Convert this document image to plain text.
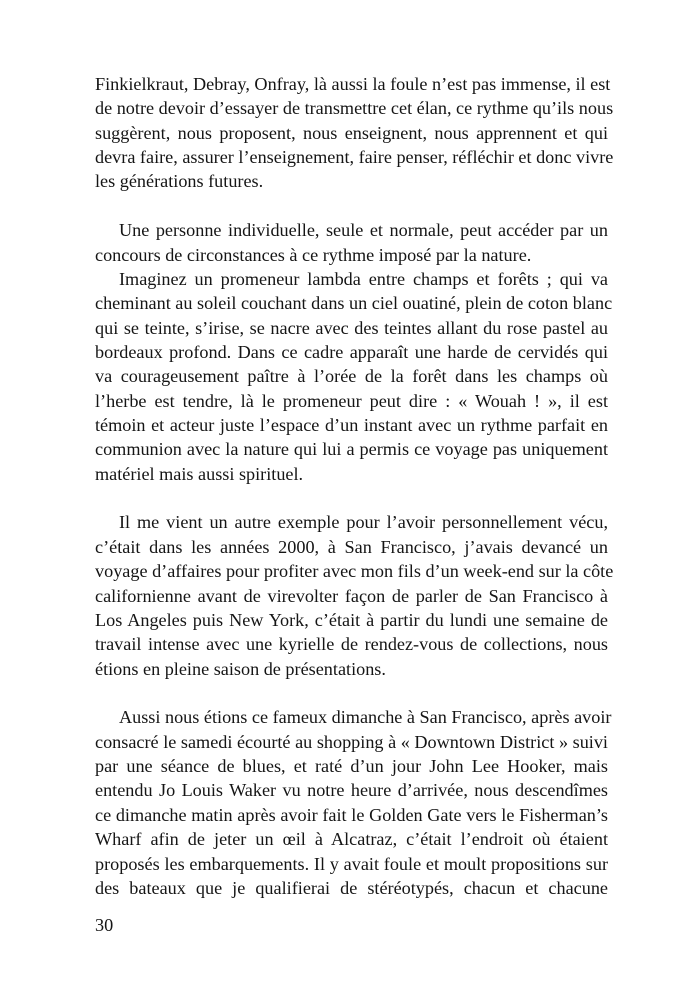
Finkielkraut, Debray, Onfray, là aussi la foule n’est pas immense, il est
de notre devoir d’essayer de transmettre cet élan, ce rythme qu’ils nous
suggèrent, nous proposent, nous enseignent, nous apprennent et qui
devra faire, assurer l’enseignement, faire penser, réfléchir et donc vivre
les générations futures.
Une personne individuelle, seule et normale, peut accéder par un
concours de circonstances à ce rythme imposé par la nature.
Imaginez un promeneur lambda entre champs et forêts ; qui va
cheminant au soleil couchant dans un ciel ouatiné, plein de coton blanc
qui se teinte, s’irise, se nacre avec des teintes allant du rose pastel au
bordeaux profond. Dans ce cadre apparaît une harde de cervidés qui
va courageusement paître à l’orée de la forêt dans les champs où
l’herbe est tendre, là le promeneur peut dire : « Wouah ! », il est
témoin et acteur juste l’espace d’un instant avec un rythme parfait en
communion avec la nature qui lui a permis ce voyage pas uniquement
matériel mais aussi spirituel.
Il me vient un autre exemple pour l’avoir personnellement vécu,
c’était dans les années 2000, à San Francisco, j’avais devancé un
voyage d’affaires pour profiter avec mon fils d’un week-end sur la côte
californienne avant de virevolter façon de parler de San Francisco à
Los Angeles puis New York, c’était à partir du lundi une semaine de
travail intense avec une kyrielle de rendez-vous de collections, nous
étions en pleine saison de présentations.
Aussi nous étions ce fameux dimanche à San Francisco, après avoir
consacré le samedi écourté au shopping à « Downtown District » suivi
par une séance de blues, et raté d’un jour John Lee Hooker, mais
entendu Jo Louis Waker vu notre heure d’arrivée, nous descendîmes
ce dimanche matin après avoir fait le Golden Gate vers le Fisherman’s
Wharf afin de jeter un œil à Alcatraz, c’était l’endroit où étaient
proposés les embarquements. Il y avait foule et moult propositions sur
des bateaux que je qualifierai de stéréotypés, chacun et chacune
30
